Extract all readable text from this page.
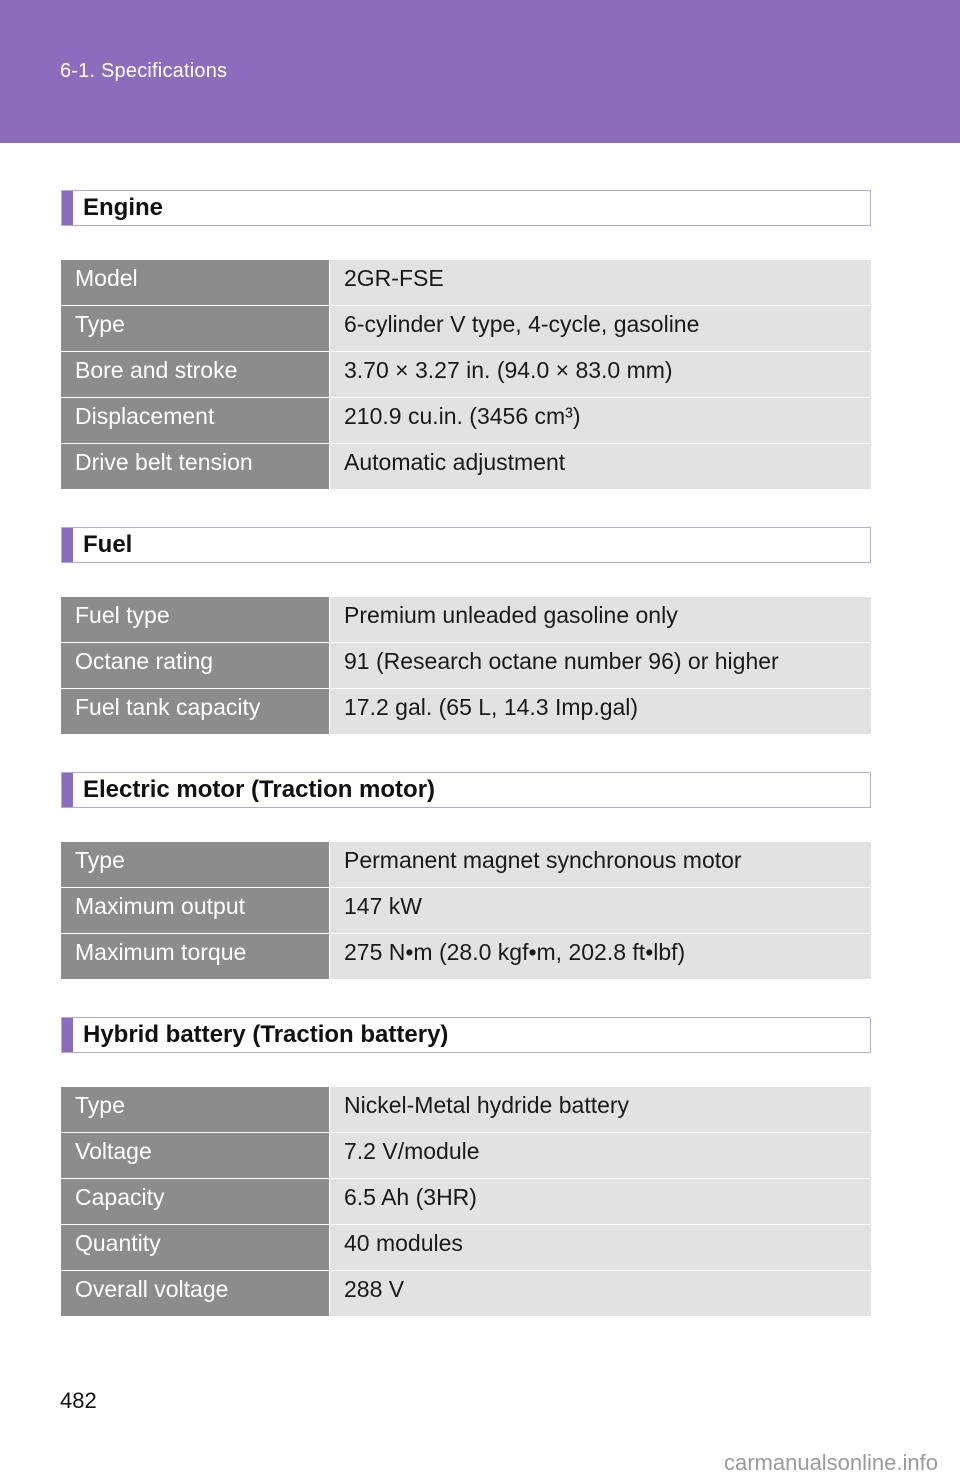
6-1. Specifications
Engine
Model	2GR-FSE
Type	6-cylinder V type, 4-cycle, gasoline
Bore and stroke	3.70 × 3.27 in. (94.0 × 83.0 mm)
Displacement	210.9 cu.in. (3456 cm³)
Drive belt tension	Automatic adjustment
Fuel
Fuel type	Premium unleaded gasoline only
Octane rating	91 (Research octane number 96) or higher
Fuel tank capacity	17.2 gal. (65 L, 14.3 Imp.gal)
Electric motor (Traction motor)
Type	Permanent magnet synchronous motor
Maximum output	147 kW
Maximum torque	275 N•m (28.0 kgf•m, 202.8 ft•lbf)
Hybrid battery (Traction battery)
Type	Nickel-Metal hydride battery
Voltage	7.2 V/module
Capacity	6.5 Ah (3HR)
Quantity	40 modules
Overall voltage	288 V
482
carmanualsonline.info
